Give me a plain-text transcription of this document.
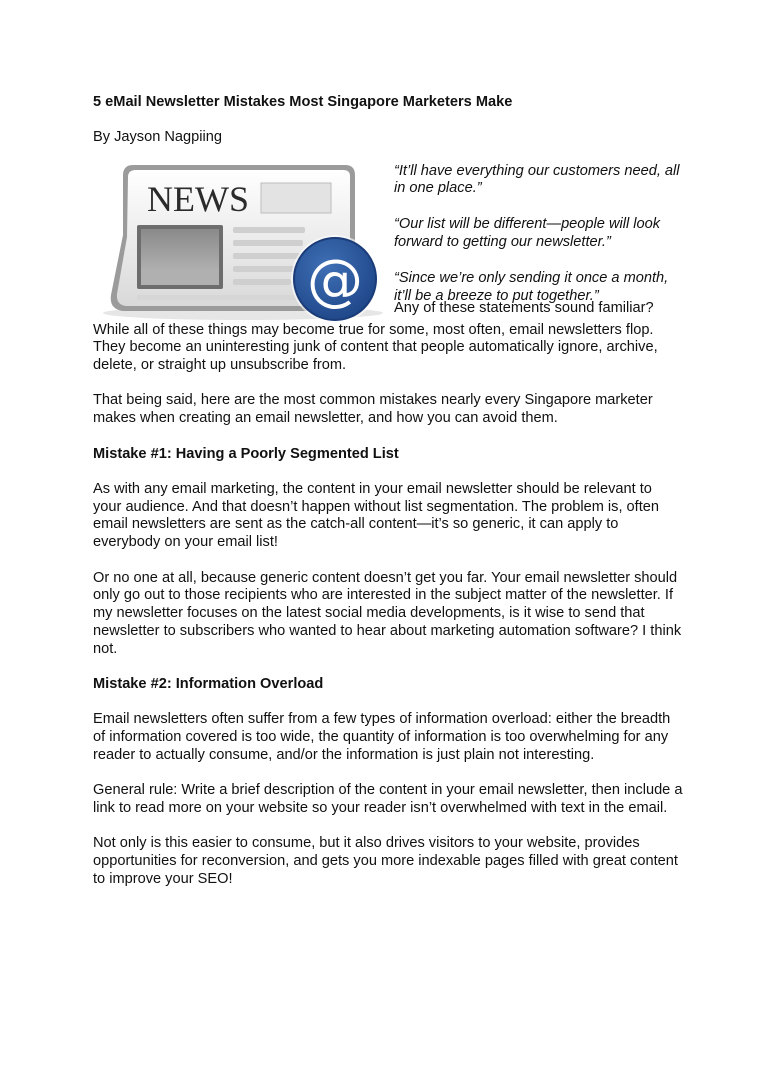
5 eMail Newsletter Mistakes Most Singapore Marketers Make

By Jayson Nagpiing

NEWS
@

“It’ll have everything our customers need, all in one place.”

“Our list will be different—people will look forward to getting our newsletter.”

“Since we’re only sending it once a month, it’ll be a breeze to put together.”

Any of these statements sound familiar?

While all of these things may become true for some, most often, email newsletters flop. They become an uninteresting junk of content that people automatically ignore, archive, delete, or straight up unsubscribe from.

That being said, here are the most common mistakes nearly every Singapore marketer makes when creating an email newsletter, and how you can avoid them.

Mistake #1: Having a Poorly Segmented List

As with any email marketing, the content in your email newsletter should be relevant to your audience. And that doesn’t happen without list segmentation. The problem is, often email newsletters are sent as the catch-all content—it’s so generic, it can apply to everybody on your email list!

Or no one at all, because generic content doesn’t get you far. Your email newsletter should only go out to those recipients who are interested in the subject matter of the newsletter. If my newsletter focuses on the latest social media developments, is it wise to send that newsletter to subscribers who wanted to hear about marketing automation software? I think not.

Mistake #2: Information Overload

Email newsletters often suffer from a few types of information overload: either the breadth of information covered is too wide, the quantity of information is too overwhelming for any reader to actually consume, and/or the information is just plain not interesting.

General rule: Write a brief description of the content in your email newsletter, then include a link to read more on your website so your reader isn’t overwhelmed with text in the email.

Not only is this easier to consume, but it also drives visitors to your website, provides opportunities for reconversion, and gets you more indexable pages filled with great content to improve your SEO!
